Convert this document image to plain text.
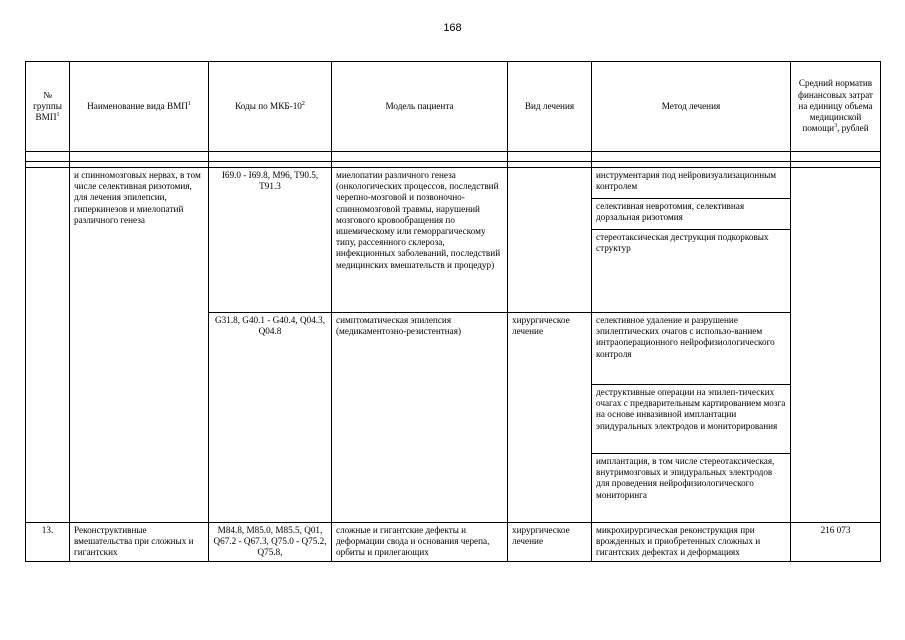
168
№ группы ВМП$^1$	Наименование вида ВМП$^1$	Коды по МКБ-$10^2$	Модель пациента	Вид лечения	Метод лечения	Средний норматив финансовых затрат на единицу объема медицинской помощи$^3$, рублей

	и спинномозговых нервах, в том числе селективная ризотомия, для лечения эпилепсии, гиперкинезов и миелопатий различного генеза	I69.0 - I69.8, M96, T90.5, T91.3	миелопатии различного генеза (онкологических процессов, последствий черепно-мозговой и позвоночно-спинномозговой травмы, нарушений мозгового кровообращения по ишемическому или геморрагическому типу, рассеянного склероза, инфекционных заболеваний, последствий медицинских вмешательств и процедур)		инструментария под нейровизуализационным контролем	
					селективная невротомия, селективная дорзальная ризотомия	
					стереотаксическая деструкция подкорковых структур	
		G31.8, G40.1 - G40.4, Q04.3, Q04.8	симптоматическая эпилепсия (медикаментозно-резистентная)	хирургическое лечение	селективное удаление и разрушение эпилептических очагов с использо-ванием интраоперационного нейрофизиологического контроля	
					деструктивные операции на эпилеп-тических очагах с предварительным картированием мозга на основе инвазивной имплантации эпидуральных электродов и мониторирования	
					имплантация, в том числе стереотаксическая, внутримозговых и эпидуральных электродов для проведения нейрофизиологического мониторинга	
13.	Реконструктивные вмешательства при сложных и гигантских	M84.8, M85.0, M85.5, Q01, Q67.2 - Q67.3, Q75.0 - Q75.2, Q75.8,	сложные и гигантские дефекты и деформации свода и основания черепа, орбиты и прилегающих	хирургическое лечение	микрохирургическая реконструкция при врожденных и приобретенных сложных и гигантских дефектах и деформациях	216 073
